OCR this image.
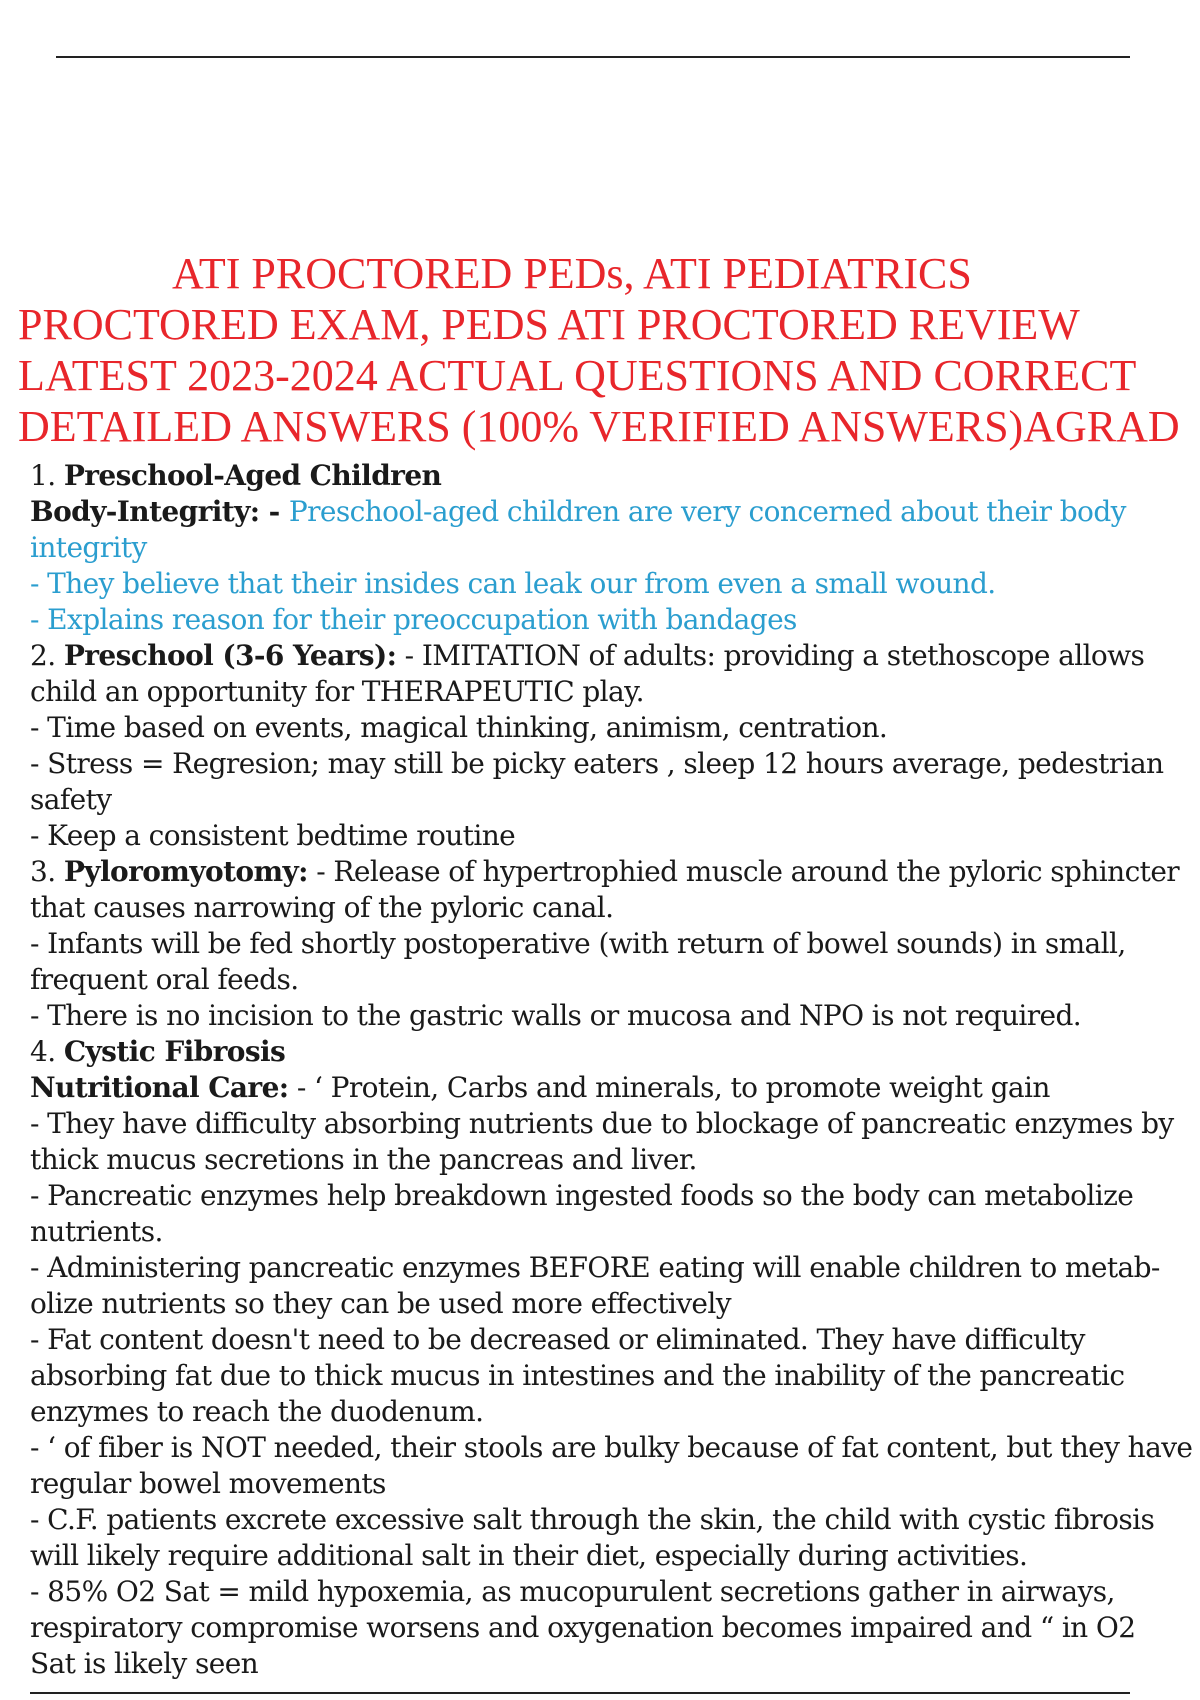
ATI PROCTORED PEDs, ATI PEDIATRICS
PROCTORED EXAM, PEDS ATI PROCTORED REVIEW
LATEST 2023-2024 ACTUAL QUESTIONS AND CORRECT
DETAILED ANSWERS (100% VERIFIED ANSWERS)AGRAD
1. Preschool-Aged Children
Body-Integrity: - Preschool-aged children are very concerned about their body
integrity
- They believe that their insides can leak our from even a small wound.
- Explains reason for their preoccupation with bandages
2. Preschool (3-6 Years): - IMITATION of adults: providing a stethoscope allows
child an opportunity for THERAPEUTIC play.
- Time based on events, magical thinking, animism, centration.
- Stress = Regresion; may still be picky eaters , sleep 12 hours average, pedestrian
safety
- Keep a consistent bedtime routine
3. Pyloromyotomy: - Release of hypertrophied muscle around the pyloric sphincter
that causes narrowing of the pyloric canal.
- Infants will be fed shortly postoperative (with return of bowel sounds) in small,
frequent oral feeds.
- There is no incision to the gastric walls or mucosa and NPO is not required.
4. Cystic Fibrosis
Nutritional Care: - ‘ Protein, Carbs and minerals, to promote weight gain
- They have difficulty absorbing nutrients due to blockage of pancreatic enzymes by
thick mucus secretions in the pancreas and liver.
- Pancreatic enzymes help breakdown ingested foods so the body can metabolize
nutrients.
- Administering pancreatic enzymes BEFORE eating will enable children to metab-
olize nutrients so they can be used more effectively
- Fat content doesn't need to be decreased or eliminated. They have difficulty
absorbing fat due to thick mucus in intestines and the inability of the pancreatic
enzymes to reach the duodenum.
- ‘ of fiber is NOT needed, their stools are bulky because of fat content, but they have
regular bowel movements
- C.F. patients excrete excessive salt through the skin, the child with cystic fibrosis
will likely require additional salt in their diet, especially during activities.
- 85% O2 Sat = mild hypoxemia, as mucopurulent secretions gather in airways,
respiratory compromise worsens and oxygenation becomes impaired and “ in O2
Sat is likely seen
